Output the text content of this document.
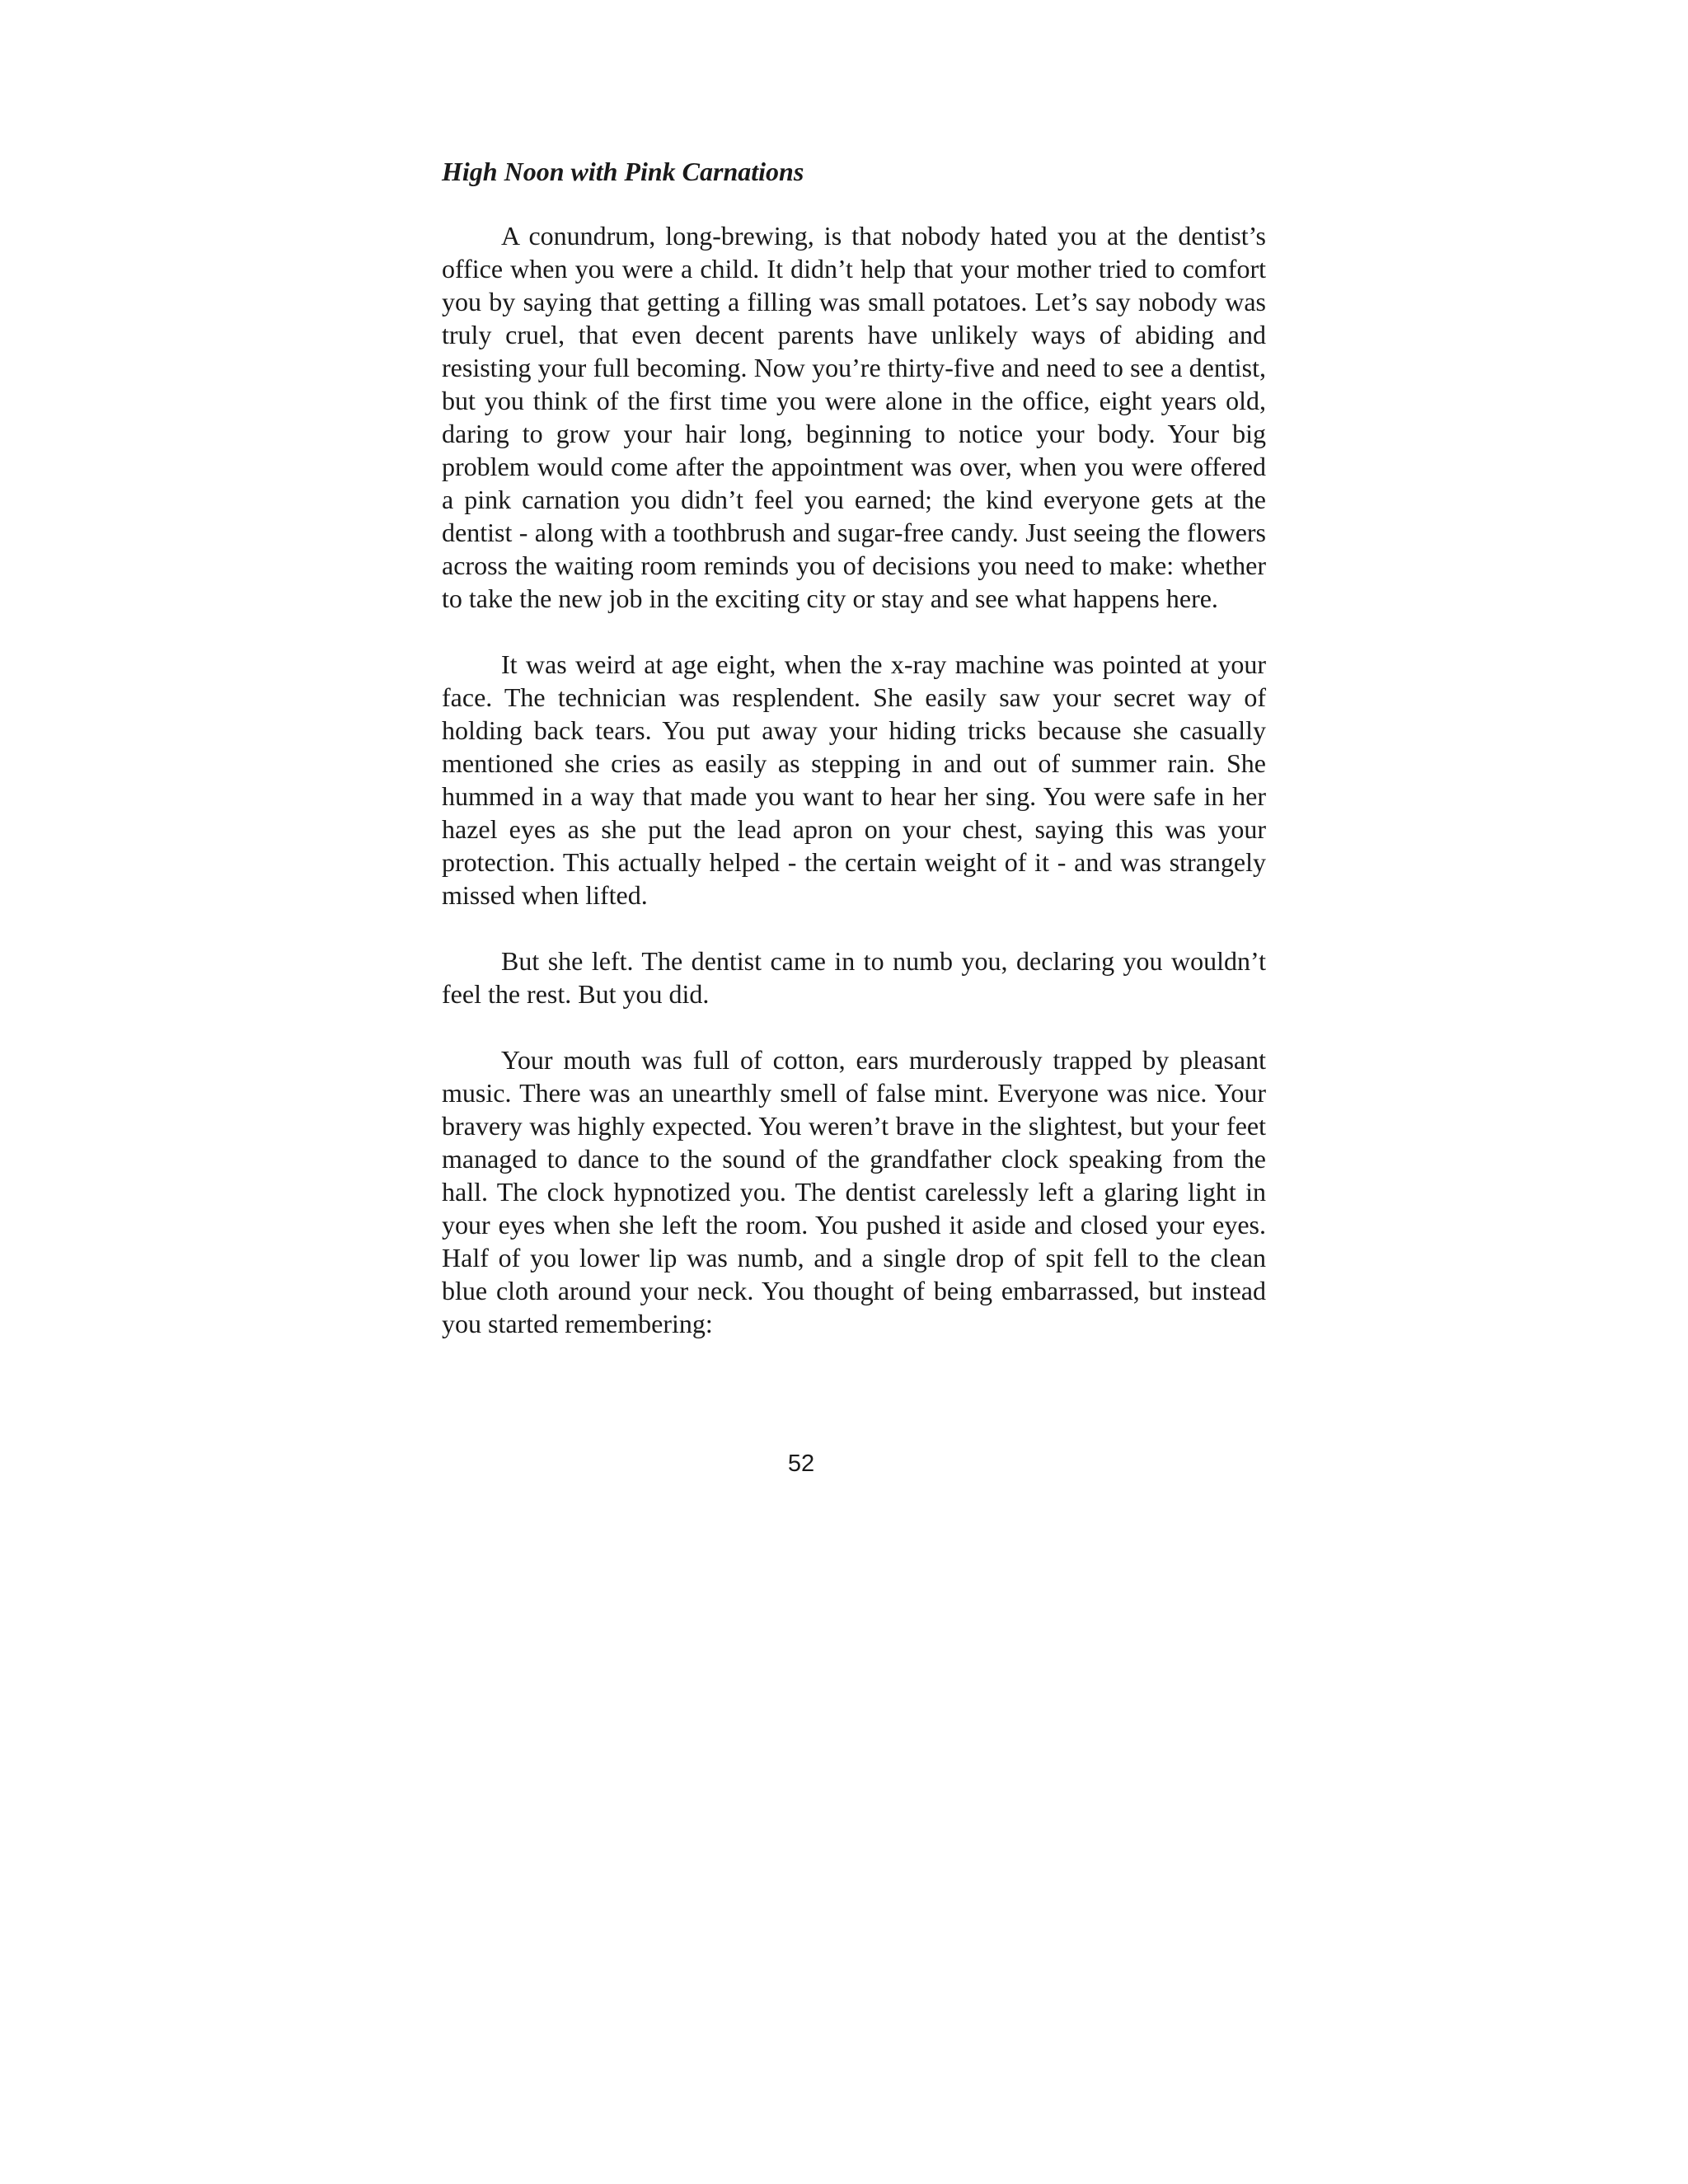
High Noon with Pink Carnations

A conundrum, long-brewing, is that nobody hated you at the dentist’s office when you were a child. It didn’t help that your mother tried to comfort you by saying that getting a filling was small potatoes. Let’s say nobody was truly cruel, that even decent parents have unlikely ways of abiding and resisting your full becoming. Now you’re thirty-five and need to see a dentist, but you think of the first time you were alone in the office, eight years old, daring to grow your hair long, beginning to notice your body. Your big problem would come after the appointment was over, when you were offered a pink carnation you didn’t feel you earned; the kind everyone gets at the dentist - along with a toothbrush and sugar-free candy. Just seeing the flowers across the waiting room reminds you of decisions you need to make: whether to take the new job in the exciting city or stay and see what happens here.

It was weird at age eight, when the x-ray machine was pointed at your face. The technician was resplendent. She easily saw your secret way of holding back tears. You put away your hiding tricks because she casually mentioned she cries as easily as stepping in and out of summer rain. She hummed in a way that made you want to hear her sing. You were safe in her hazel eyes as she put the lead apron on your chest, saying this was your protection. This actually helped - the certain weight of it - and was strangely missed when lifted.

But she left. The dentist came in to numb you, declaring you wouldn’t feel the rest. But you did.

Your mouth was full of cotton, ears murderously trapped by pleasant music. There was an unearthly smell of false mint. Everyone was nice. Your bravery was highly expected. You weren’t brave in the slightest, but your feet managed to dance to the sound of the grandfather clock speaking from the hall. The clock hypnotized you. The dentist carelessly left a glaring light in your eyes when she left the room. You pushed it aside and closed your eyes. Half of you lower lip was numb, and a single drop of spit fell to the clean blue cloth around your neck. You thought of being embarrassed, but instead you started remembering:

52
